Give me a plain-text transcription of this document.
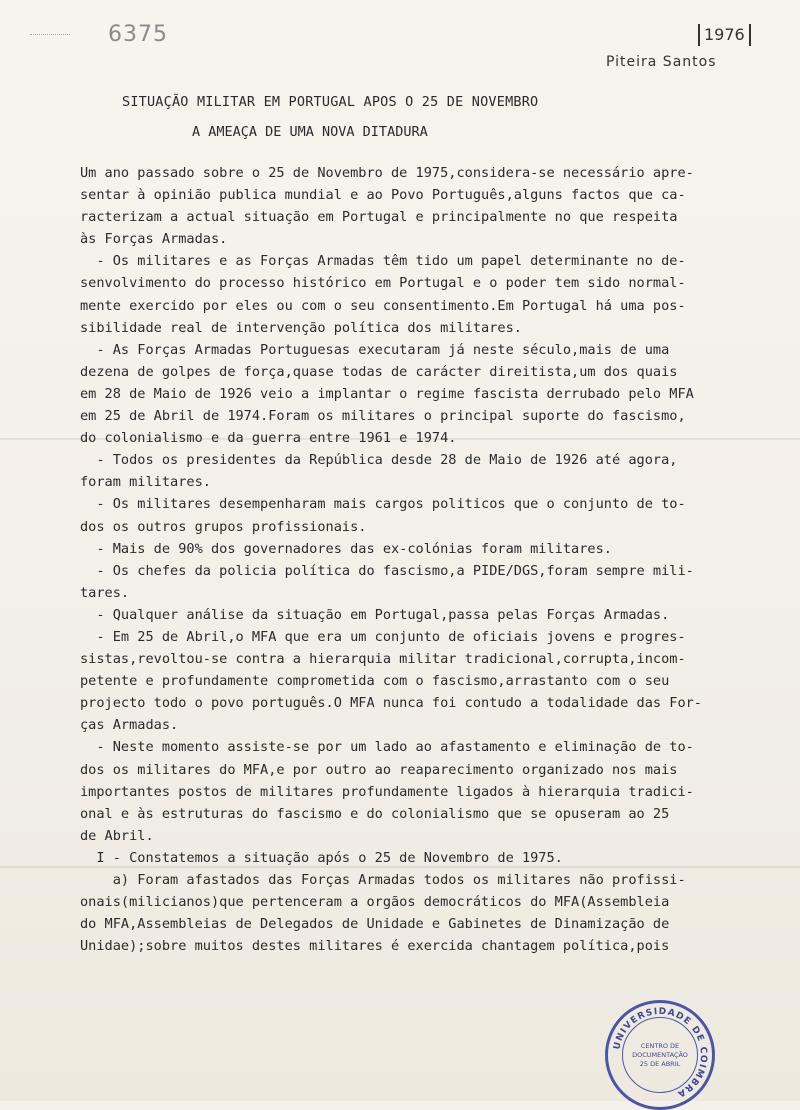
6375	1976
Piteira Santos
SITUAÇÃO MILITAR EM PORTUGAL APOS O 25 DE NOVEMBRO
A AMEAÇA DE UMA NOVA DITADURA
Um ano passado sobre o 25 de Novembro de 1975,considera-se necessário apre-
sentar à opinião publica mundial e ao Povo Português,alguns factos que ca-
racterizam a actual situação em Portugal e principalmente no que respeita
às Forças Armadas.
- Os militares e as Forças Armadas têm tido um papel determinante no de-
senvolvimento do processo histórico em Portugal e o poder tem sido normal-
mente exercido por eles ou com o seu consentimento.Em Portugal há uma pos-
sibilidade real de intervenção política dos militares.
- As Forças Armadas Portuguesas executaram já neste século,mais de uma
dezena de golpes de força,quase todas de carácter direitista,um dos quais
em 28 de Maio de 1926 veio a implantar o regime fascista derrubado pelo MFA
em 25 de Abril de 1974.Foram os militares o principal suporte do fascismo,
do colonialismo e da guerra entre 1961 e 1974.
- Todos os presidentes da República desde 28 de Maio de 1926 até agora,
foram militares.
- Os militares desempenharam mais cargos politicos que o conjunto de to-
dos os outros grupos profissionais.
- Mais de 90% dos governadores das ex-colónias foram militares.
- Os chefes da policia política do fascismo,a PIDE/DGS,foram sempre mili-
tares.
- Qualquer análise da situação em Portugal,passa pelas Forças Armadas.
- Em 25 de Abril,o MFA que era um conjunto de oficiais jovens e progres-
sistas,revoltou-se contra a hierarquia militar tradicional,corrupta,incom-
petente e profundamente comprometida com o fascismo,arrastanto com o seu
projecto todo o povo português.O MFA nunca foi contudo a todalidade das For-
ças Armadas.
- Neste momento assiste-se por um lado ao afastamento e eliminação de to-
dos os militares do MFA,e por outro ao reaparecimento organizado nos mais
importantes postos de militares profundamente ligados à hierarquia tradici-
onal e às estruturas do fascismo e do colonialismo que se opuseram ao 25
de Abril.
I - Constatemos a situação após o 25 de Novembro de 1975.
a) Foram afastados das Forças Armadas todos os militares não profissi-
onais(milicianos)que pertenceram a orgãos democráticos do MFA(Assembleia
do MFA,Assembleias de Delegados de Unidade e Gabinetes de Dinamização de
Unidae);sobre muitos destes militares é exercida chantagem política,pois
UNIVERSIDADE DE COIMBRA
CENTRO DE
DOCUMENTAÇÃO
25 DE ABRIL
